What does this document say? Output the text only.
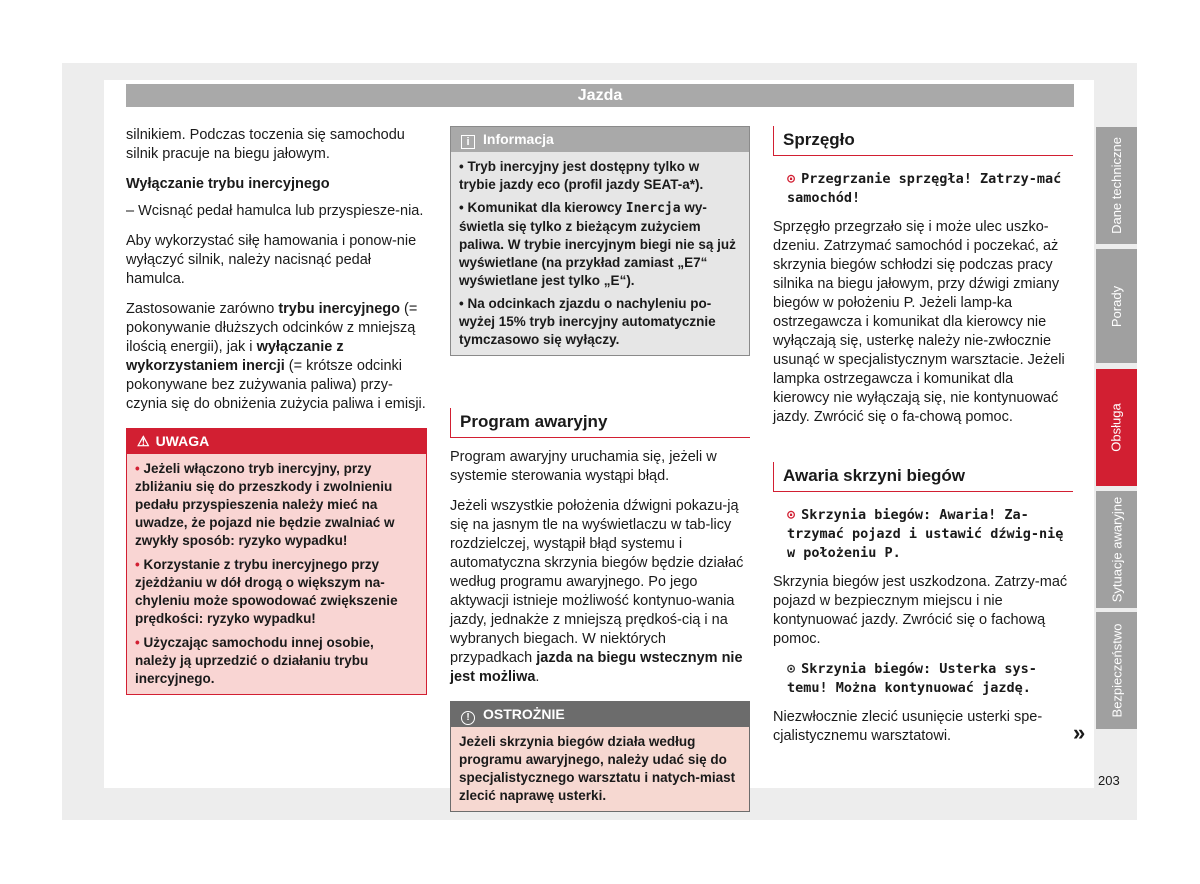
Jazda

silnikiem. Podczas toczenia się samochodu silnik pracuje na biegu jałowym.

Wyłączanie trybu inercyjnego

– Wcisnąć pedał hamulca lub przyspiesze-nia.

Aby wykorzystać siłę hamowania i ponow-nie wyłączyć silnik, należy nacisnąć pedał hamulca.

Zastosowanie zarówno trybu inercyjnego (= pokonywanie dłuższych odcinków z mniejszą ilością energii), jak i wyłączanie z wykorzystaniem inercji (= krótsze odcinki pokonywane bez zużywania paliwa) przy-czynia się do obniżenia zużycia paliwa i emisji.

⚠ UWAGA
• Jeżeli włączono tryb inercyjny, przy zbliżaniu się do przeszkody i zwolnieniu pedału przyspieszenia należy mieć na uwadze, że pojazd nie będzie zwalniać w zwykły sposób: ryzyko wypadku!
• Korzystanie z trybu inercyjnego przy zjeżdżaniu w dół drogą o większym na-chyleniu może spowodować zwiększenie prędkości: ryzyko wypadku!
• Użyczając samochodu innej osobie, należy ją uprzedzić o działaniu trybu inercyjnego.
i Informacja
• Tryb inercyjny jest dostępny tylko w trybie jazdy eco (profil jazdy SEAT-a*).
• Komunikat dla kierowcy Inercja wy-świetla się tylko z bieżącym zużyciem paliwa. W trybie inercyjnym biegi nie są już wyświetlane (na przykład zamiast „E7“ wyświetlane jest tylko „E“).
• Na odcinkach zjazdu o nachyleniu po-wyżej 15% tryb inercyjny automatycznie tymczasowo się wyłączy.
Program awaryjny

Program awaryjny uruchamia się, jeżeli w systemie sterowania wystąpi błąd.

Jeżeli wszystkie położenia dźwigni pokazu-ją się na jasnym tle na wyświetlaczu w tab-licy rozdzielczej, wystąpił błąd systemu i automatyczna skrzynia biegów będzie działać według programu awaryjnego. Po jego aktywacji istnieje możliwość kontynuo-wania jazdy, jednakże z mniejszą prędkoś-cią i na wybranych biegach. W niektórych przypadkach jazda na biegu wstecznym nie jest możliwa.

! OSTROŻNIE
Jeżeli skrzynia biegów działa według programu awaryjnego, należy udać się do specjalistycznego warsztatu i natych-miast zlecić naprawę usterki.
Sprzęgło
⊙ Przegrzanie sprzęgła! Zatrzy-mać samochód!

Sprzęgło przegrzało się i może ulec uszko-dzeniu. Zatrzymać samochód i poczekać, aż skrzynia biegów schłodzi się podczas pracy silnika na biegu jałowym, przy dźwigi zmiany biegów w położeniu P. Jeżeli lamp-ka ostrzegawcza i komunikat dla kierowcy nie wyłączają się, usterkę należy nie-zwłocznie usunąć w specjalistycznym warsztacie. Jeżeli lampka ostrzegawcza i komunikat dla kierowcy nie wyłączają się, nie kontynuować jazdy. Zwrócić się o fa-chową pomoc.

Awaria skrzyni biegów
⊙ Skrzynia biegów: Awaria! Za-trzymać pojazd i ustawić dźwig-nię w położeniu P.

Skrzynia biegów jest uszkodzona. Zatrzy-mać pojazd w bezpiecznym miejscu i nie kontynuować jazdy. Zwrócić się o fachową pomoc.

⊙ Skrzynia biegów: Usterka sys-temu! Można kontynuować jazdę.

Niezwłocznie zlecić usunięcie usterki spe-cjalistycznemu warsztatowi.	»
Dane techniczne
Porady
Obsługa
Sytuacje awaryjne
Bezpieczeństwo
203
